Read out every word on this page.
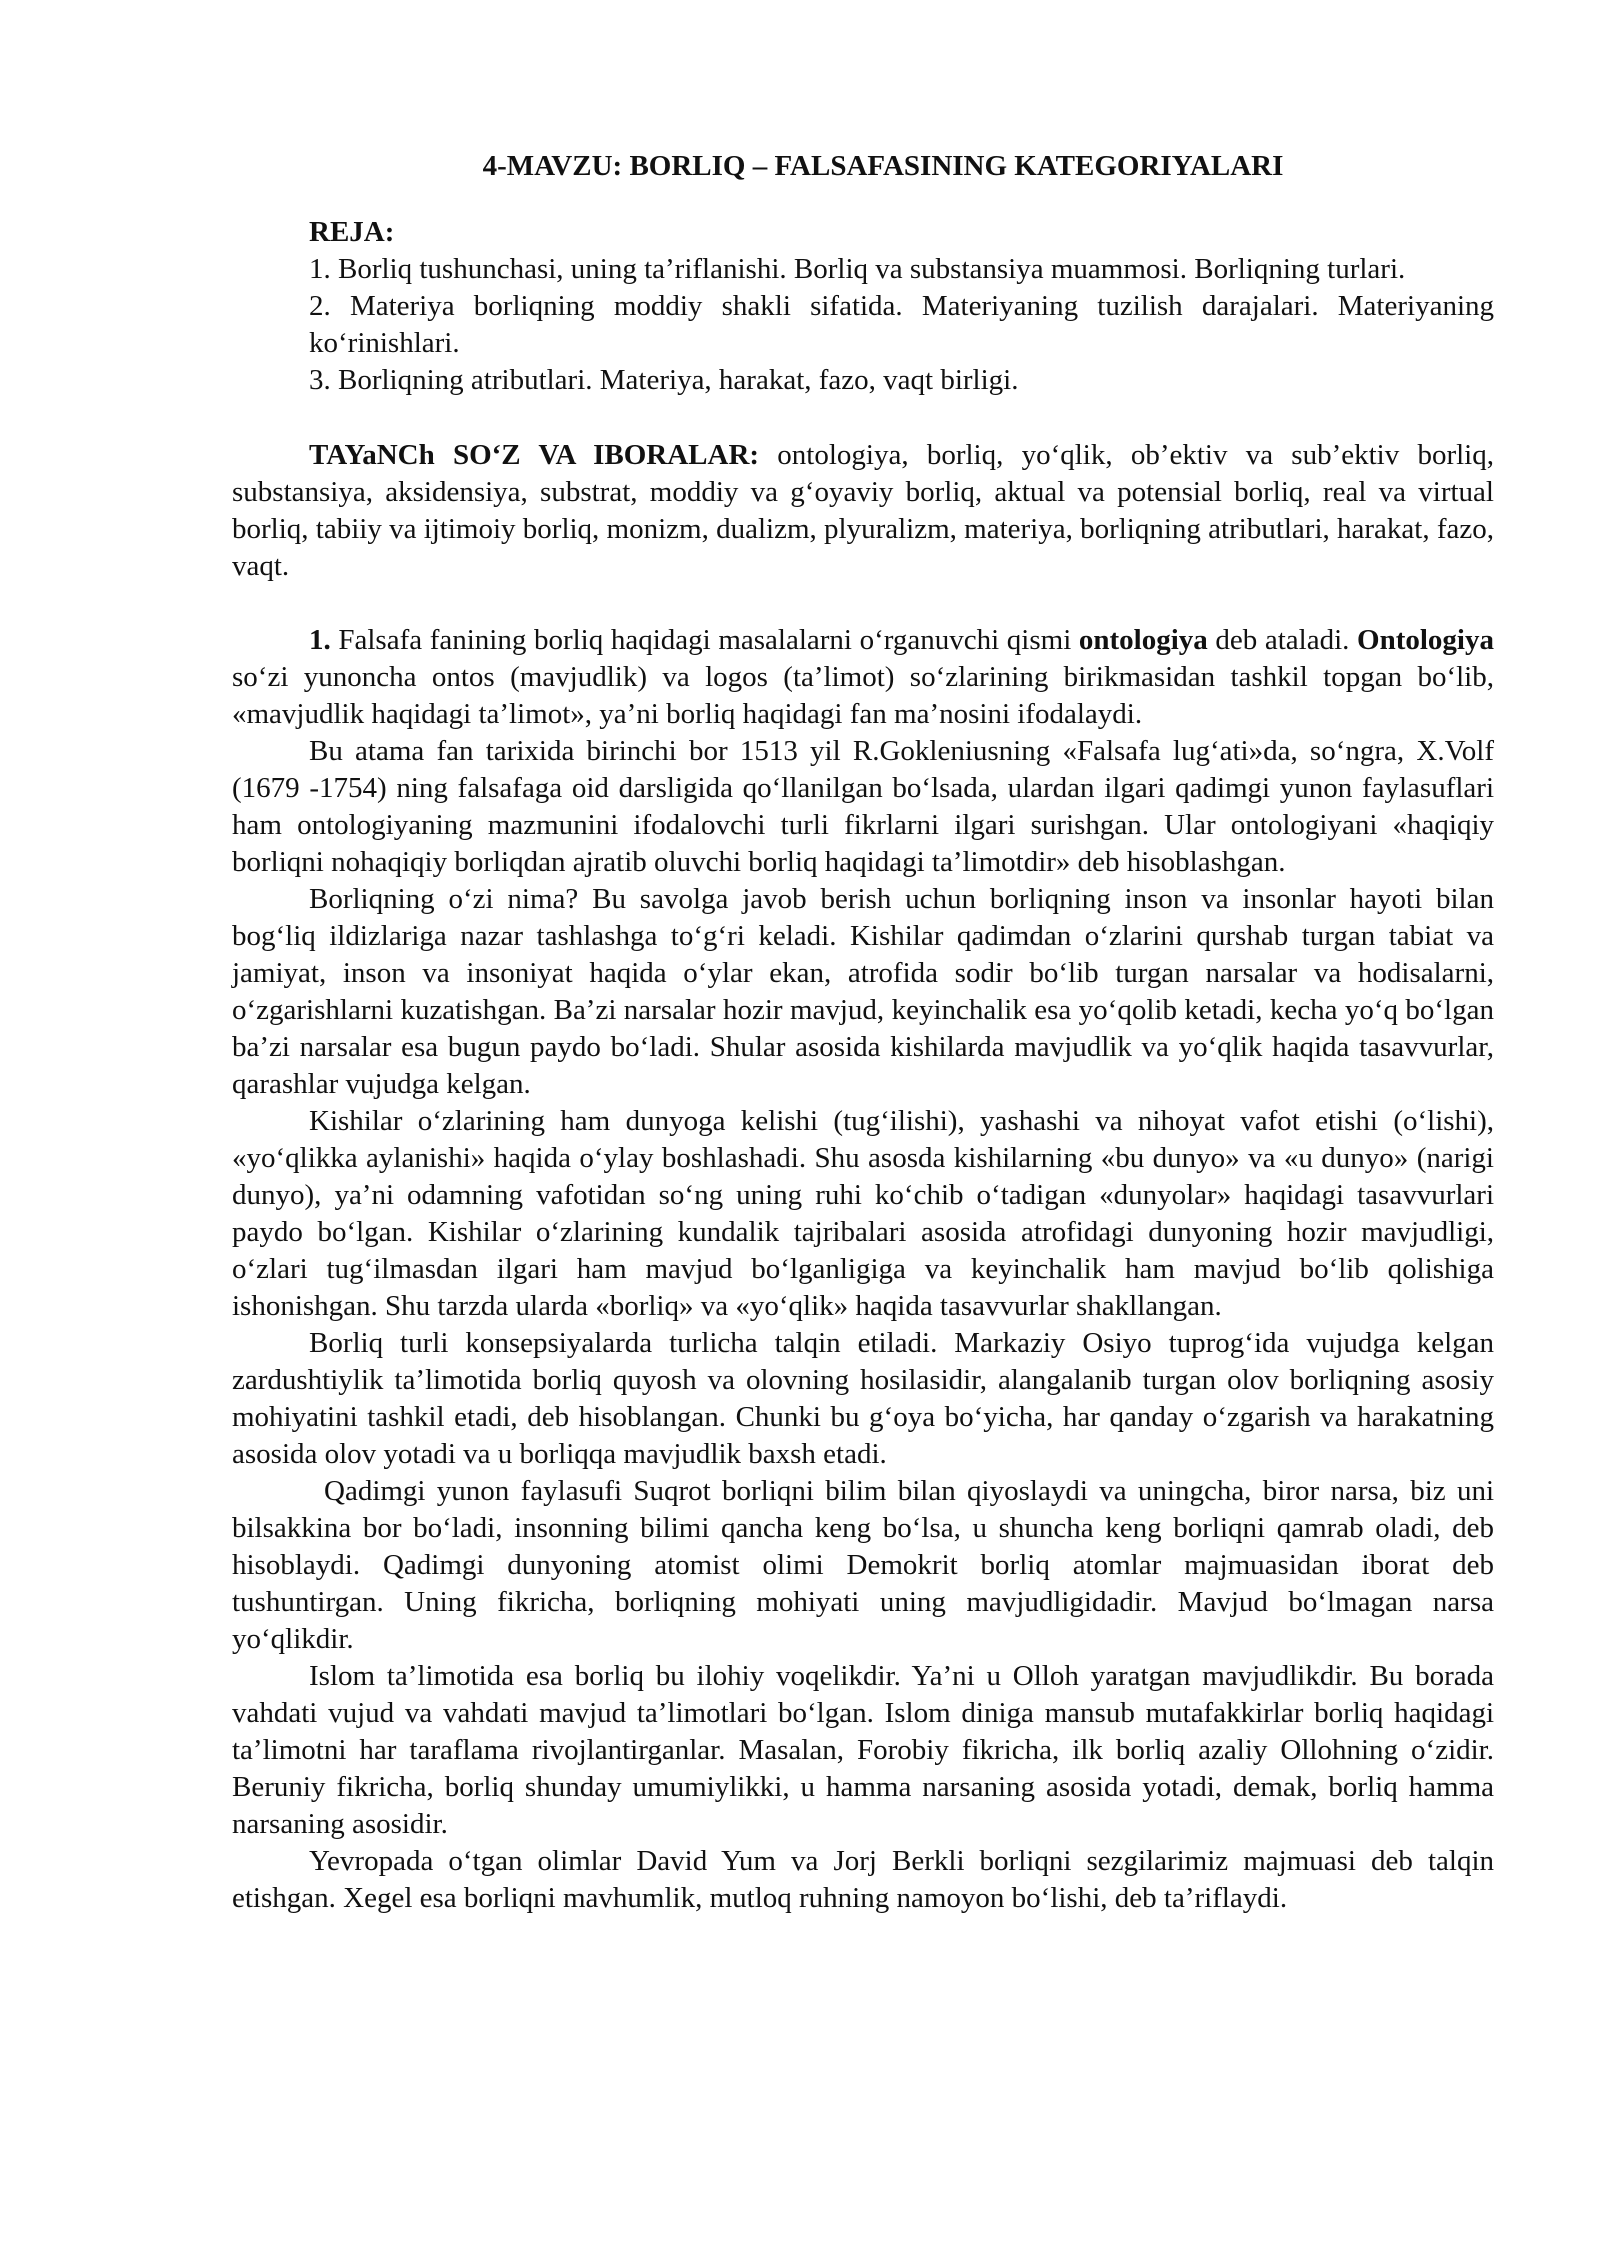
4-MAVZU: BORLIQ – FALSAFASINING KATEGORIYALARI

REJA:

1. Borliq tushunchasi, uning ta’riflanishi. Borliq va substansiya muammosi. Borliqning turlari.

2. Materiya borliqning moddiy shakli sifatida. Materiyaning tuzilish darajalari. Materiyaning ko‘rinishlari.

3. Borliqning atributlari. Materiya, harakat, fazo, vaqt birligi.

TAYaNCh SO‘Z VA IBORALAR: ontologiya, borliq, yo‘qlik, ob’ektiv va sub’ektiv borliq, substansiya, aksidensiya, substrat, moddiy va g‘oyaviy borliq, aktual va potensial borliq, real va virtual borliq, tabiiy va ijtimoiy borliq, monizm, dualizm, plyuralizm, materiya, borliqning atributlari, harakat, fazo, vaqt.

1. Falsafa fanining borliq haqidagi masalalarni o‘rganuvchi qismi ontologiya deb ataladi. Ontologiya so‘zi yunoncha ontos (mavjudlik) va logos (ta’limot) so‘zlarining birikmasidan tashkil topgan bo‘lib, «mavjudlik haqidagi ta’limot», ya’ni borliq haqidagi fan ma’nosini ifodalaydi.

Bu atama fan tarixida birinchi bor 1513 yil R.Gokleniusning «Falsafa lug‘ati»da, so‘ngra, X.Volf (1679 -1754) ning falsafaga oid darsligida qo‘llanilgan bo‘lsada, ulardan ilgari qadimgi yunon faylasuflari ham ontologiyaning mazmunini ifodalovchi turli fikrlarni ilgari surishgan. Ular ontologiyani «haqiqiy borliqni nohaqiqiy borliqdan ajratib oluvchi borliq haqidagi ta’limotdir» deb hisoblashgan.

Borliqning o‘zi nima? Bu savolga javob berish uchun borliqning inson va insonlar hayoti bilan bog‘liq ildizlariga nazar tashlashga to‘g‘ri keladi. Kishilar qadimdan o‘zlarini qurshab turgan tabiat va jamiyat, inson va insoniyat haqida o‘ylar ekan, atrofida sodir bo‘lib turgan narsalar va hodisalarni, o‘zgarishlarni kuzatishgan. Ba’zi narsalar hozir mavjud, keyinchalik esa yo‘qolib ketadi, kecha yo‘q bo‘lgan ba’zi narsalar esa bugun paydo bo‘ladi. Shular asosida kishilarda mavjudlik va yo‘qlik haqida tasavvurlar, qarashlar vujudga kelgan.

Kishilar o‘zlarining ham dunyoga kelishi (tug‘ilishi), yashashi va nihoyat vafot etishi (o‘lishi), «yo‘qlikka aylanishi» haqida o‘ylay boshlashadi. Shu asosda kishilarning «bu dunyo» va «u dunyo» (narigi dunyo), ya’ni odamning vafotidan so‘ng uning ruhi ko‘chib o‘tadigan «dunyolar» haqidagi tasavvurlari paydo bo‘lgan. Kishilar o‘zlarining kundalik tajribalari asosida atrofidagi dunyoning hozir mavjudligi, o‘zlari tug‘ilmasdan ilgari ham mavjud bo‘lganligiga va keyinchalik ham mavjud bo‘lib qolishiga ishonishgan. Shu tarzda ularda «borliq» va «yo‘qlik» haqida tasavvurlar shakllangan.

Borliq turli konsepsiyalarda turlicha talqin etiladi. Markaziy Osiyo tuprog‘ida vujudga kelgan zardushtiylik ta’limotida borliq quyosh va olovning hosilasidir, alangalanib turgan olov borliqning asosiy mohiyatini tashkil etadi, deb hisoblangan. Chunki bu g‘oya bo‘yicha, har qanday o‘zgarish va harakatning asosida olov yotadi va u borliqqa mavjudlik baxsh etadi.

Qadimgi yunon faylasufi Suqrot borliqni bilim bilan qiyoslaydi va uningcha, biror narsa, biz uni bilsakkina bor bo‘ladi, insonning bilimi qancha keng bo‘lsa, u shuncha keng borliqni qamrab oladi, deb hisoblaydi. Qadimgi dunyoning atomist olimi Demokrit borliq atomlar majmuasidan iborat deb tushuntirgan. Uning fikricha, borliqning mohiyati uning mavjudligidadir. Mavjud bo‘lmagan narsa yo‘qlikdir.

Islom ta’limotida esa borliq bu ilohiy voqelikdir. Ya’ni u Olloh yaratgan mavjudlikdir. Bu borada vahdati vujud va vahdati mavjud ta’limotlari bo‘lgan. Islom diniga mansub mutafakkirlar borliq haqidagi ta’limotni har taraflama rivojlantirganlar. Masalan, Forobiy fikricha, ilk borliq azaliy Ollohning o‘zidir. Beruniy fikricha, borliq shunday umumiylikki, u hamma narsaning asosida yotadi, demak, borliq hamma narsaning asosidir.

Yevropada o‘tgan olimlar David Yum va Jorj Berkli borliqni sezgilarimiz majmuasi deb talqin etishgan. Xegel esa borliqni mavhumlik, mutloq ruhning namoyon bo‘lishi, deb ta’riflaydi.
